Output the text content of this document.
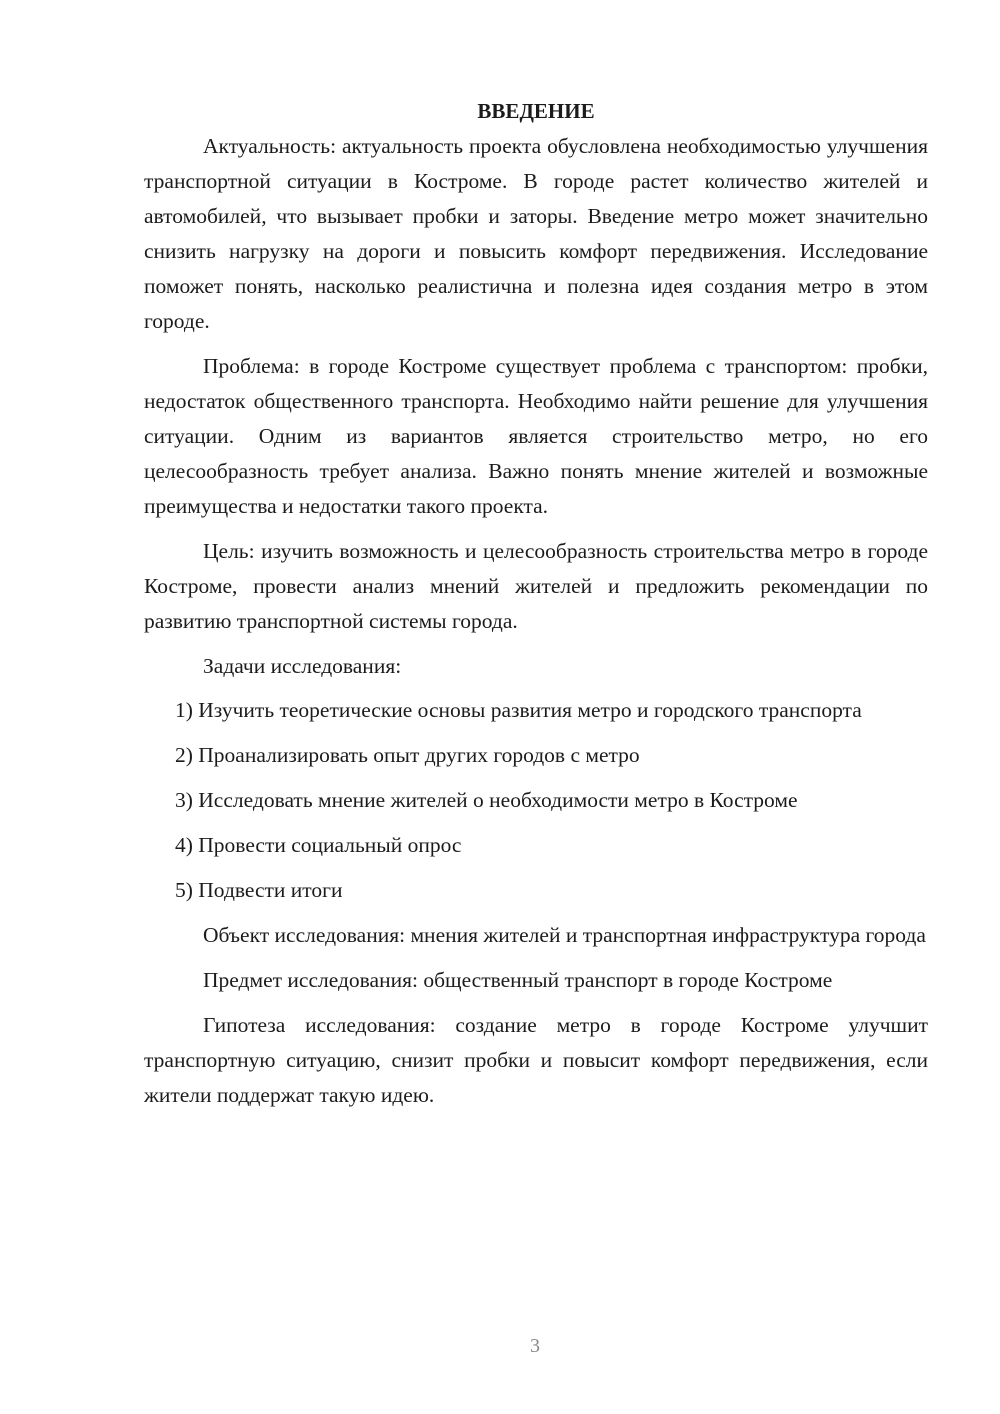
ВВЕДЕНИЕ

Актуальность: актуальность проекта обусловлена необходимостью улучшения транспортной ситуации в Костроме. В городе растет количество жителей и автомобилей, что вызывает пробки и заторы. Введение метро может значительно снизить нагрузку на дороги и повысить комфорт передвижения. Исследование поможет понять, насколько реалистична и полезна идея создания метро в этом городе.

Проблема: в городе Костроме существует проблема с транспортом: пробки, недостаток общественного транспорта. Необходимо найти решение для улучшения ситуации. Одним из вариантов является строительство метро, но его целесообразность требует анализа. Важно понять мнение жителей и возможные преимущества и недостатки такого проекта.

Цель: изучить возможность и целесообразность строительства метро в городе Костроме, провести анализ мнений жителей и предложить рекомендации по развитию транспортной системы города.

Задачи исследования:

1) Изучить теоретические основы развития метро и городского транспорта

2) Проанализировать опыт других городов с метро

3) Исследовать мнение жителей о необходимости метро в Костроме

4) Провести социальный опрос

5) Подвести итоги

Объект исследования: мнения жителей и транспортная инфраструктура города

Предмет исследования: общественный транспорт в городе Костроме

Гипотеза исследования: создание метро в городе Костроме улучшит транспортную ситуацию, снизит пробки и повысит комфорт передвижения, если жители поддержат такую идею.

3
